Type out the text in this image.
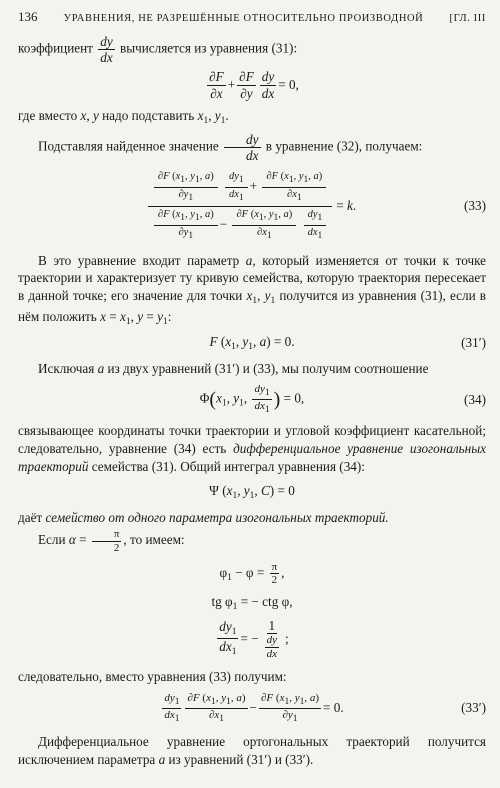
136 УРАВНЕНИЯ, НЕ РАЗРЕШЁННЫЕ ОТНОСИТЕЛЬНО ПРОИЗВОДНОЙ [ГЛ. III

коэффициент $\frac{dy}{dx}$ вычисляется из уравнения (31):

$\frac{\partial F}{\partial x} + \frac{\partial F}{\partial y} \frac{dy}{dx} = 0$,

где вместо x, y надо подставить $x_1$, $y_1$.

Подставляя найденное значение $\frac{dy}{dx}$ в уравнение (32), получаем:

$\frac{\partial F (x_1, y_1, a)}{\partial y_1}$
$\frac{dy_1}{dx_1} + \frac{\partial F (x_1, y_1, a)}{\partial x_1}$
$\frac{\partial F (x_1, y_1, a)}{\partial y_1} - \frac{\partial F (x_1, y_1, a)}{\partial x_1}$
$\frac{dy_1}{dx_1} = k$.	(33)

В это уравнение входит параметр a, который изменяется от точки к точке траектории и характеризует ту кривую семейства, которую траектория пересекает в данной точке; его значение для точки $x_1$, $y_1$ получится из уравнения (31), если в нём положить $x = x_1$, $y = y_1$:

F ($x_1$, $y_1$, a) = 0.	(31′)

Исключая a из двух уравнений (31′) и (33), мы получим соотношение

$\Phi(x_1$, $y_1$, $\frac{dy_1}{dx_1}$ ) = 0,	(34)

связывающее координаты точки траектории и угловой коэффициент касательной; следовательно, уравнение (34) есть дифференциальное уравнение изогональных траекторий семейства (31). Общий интеграл уравнения (34):

Ψ ($x_1$, $y_1$, C) = 0

даёт семейство от одного параметра изогональных траекторий.

Если $\alpha = \frac{\pi}{2}$ , то имеем:

$\varphi_1 - \varphi = \frac{\pi}{2}$ ,
tg $\varphi_1$ = − ctg φ,
$\frac{dy_1}{dx_1}$ = − $\frac{1}{\frac{dy}{dx}}$ ;

следовательно, вместо уравнения (33) получим:

$\frac{dy_1}{dx_1} \frac{\partial F (x_1, y_1, a)}{\partial x_1} - \frac{\partial F (x_1, y_1, a)}{\partial y_1} = 0$.	(33′)

Дифференциальное уравнение ортогональных траекторий получится исключением параметра a из уравнений (31′) и (33′).
